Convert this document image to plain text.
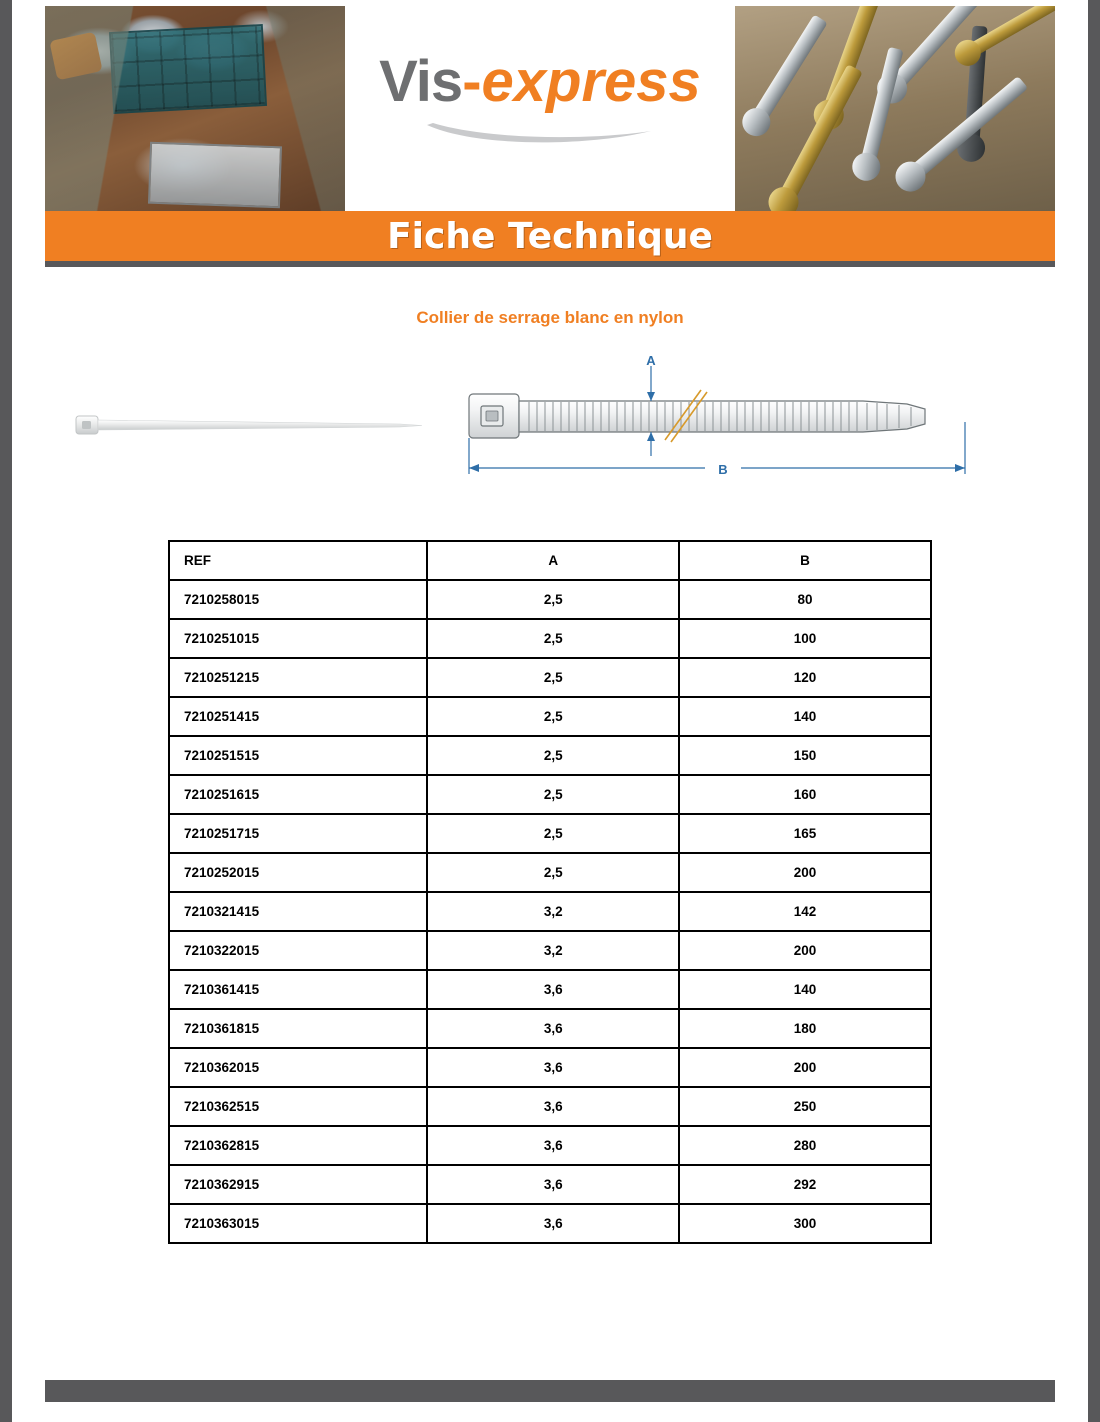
Vis-express
Fiche Technique
Collier de serrage blanc en nylon
A
B
REF	A	B
7210258015	2,5	80
7210251015	2,5	100
7210251215	2,5	120
7210251415	2,5	140
7210251515	2,5	150
7210251615	2,5	160
7210251715	2,5	165
7210252015	2,5	200
7210321415	3,2	142
7210322015	3,2	200
7210361415	3,6	140
7210361815	3,6	180
7210362015	3,6	200
7210362515	3,6	250
7210362815	3,6	280
7210362915	3,6	292
7210363015	3,6	300
